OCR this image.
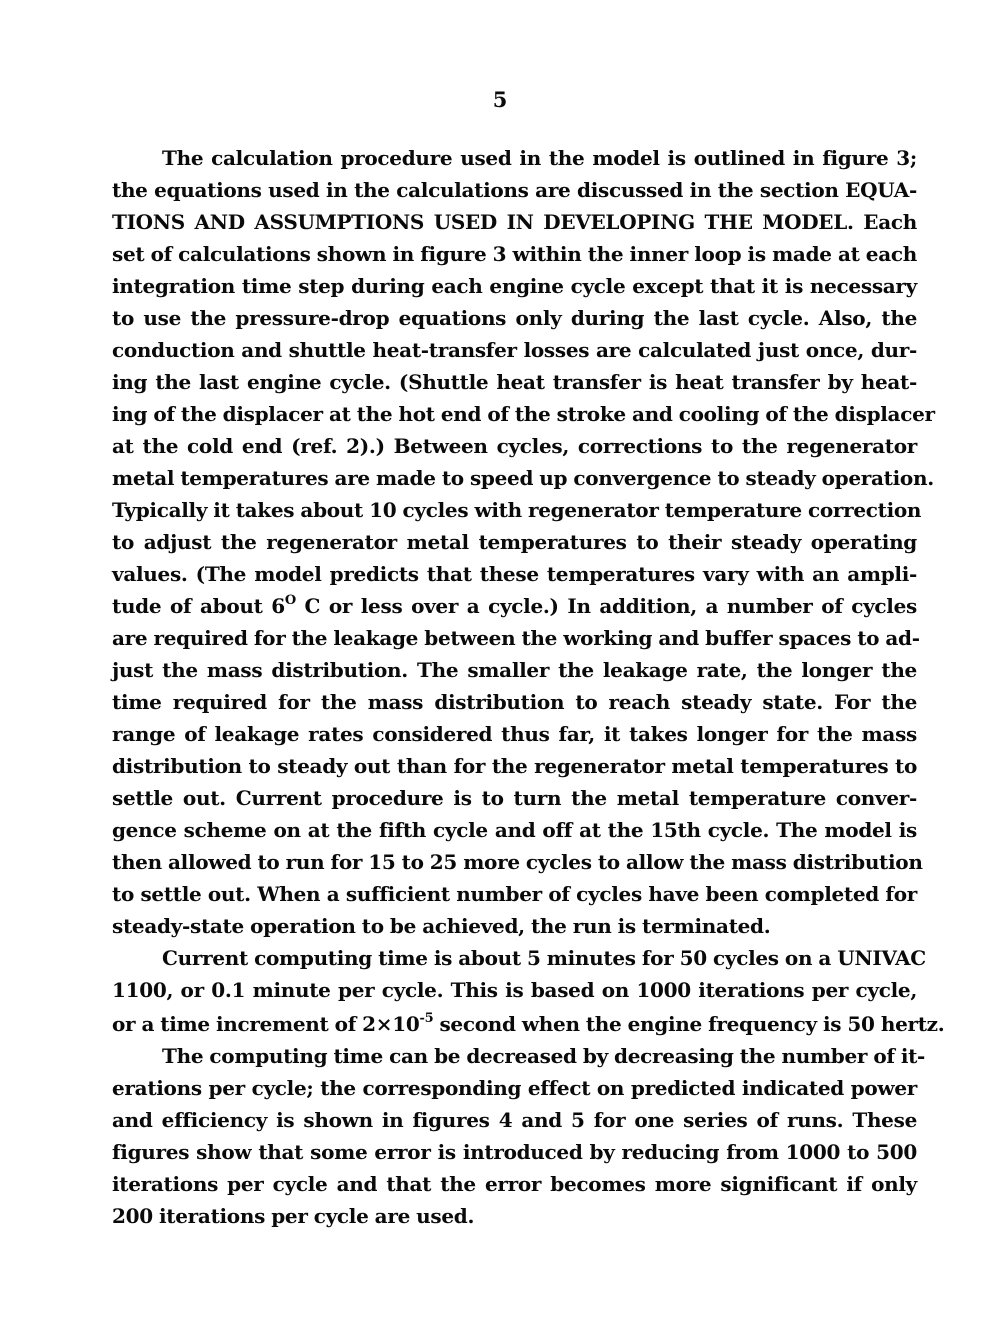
5
The calculation procedure used in the model is outlined in figure 3;
the equations used in the calculations are discussed in the section EQUA-
TIONS AND ASSUMPTIONS USED IN DEVELOPING THE MODEL. Each
set of calculations shown in figure 3 within the inner loop is made at each
integration time step during each engine cycle except that it is necessary
to use the pressure-drop equations only during the last cycle. Also, the
conduction and shuttle heat-transfer losses are calculated just once, dur-
ing the last engine cycle. (Shuttle heat transfer is heat transfer by heat-
ing of the displacer at the hot end of the stroke and cooling of the displacer
at the cold end (ref. 2).) Between cycles, corrections to the regenerator
metal temperatures are made to speed up convergence to steady operation.
Typically it takes about 10 cycles with regenerator temperature correction
to adjust the regenerator metal temperatures to their steady operating
values. (The model predicts that these temperatures vary with an ampli-
tude of about $6^O$ C or less over a cycle.) In addition, a number of cycles
are required for the leakage between the working and buffer spaces to ad-
just the mass distribution. The smaller the leakage rate, the longer the
time required for the mass distribution to reach steady state. For the
range of leakage rates considered thus far, it takes longer for the mass
distribution to steady out than for the regenerator metal temperatures to
settle out. Current procedure is to turn the metal temperature conver-
gence scheme on at the fifth cycle and off at the 15th cycle. The model is
then allowed to run for 15 to 25 more cycles to allow the mass distribution
to settle out. When a sufficient number of cycles have been completed for
steady-state operation to be achieved, the run is terminated.
Current computing time is about 5 minutes for 50 cycles on a UNIVAC
1100, or 0.1 minute per cycle. This is based on 1000 iterations per cycle,
or a time increment of $2\times 10^{-5}$ second when the engine frequency is 50 hertz.
The computing time can be decreased by decreasing the number of it-
erations per cycle; the corresponding effect on predicted indicated power
and efficiency is shown in figures 4 and 5 for one series of runs. These
figures show that some error is introduced by reducing from 1000 to 500
iterations per cycle and that the error becomes more significant if only
200 iterations per cycle are used.
